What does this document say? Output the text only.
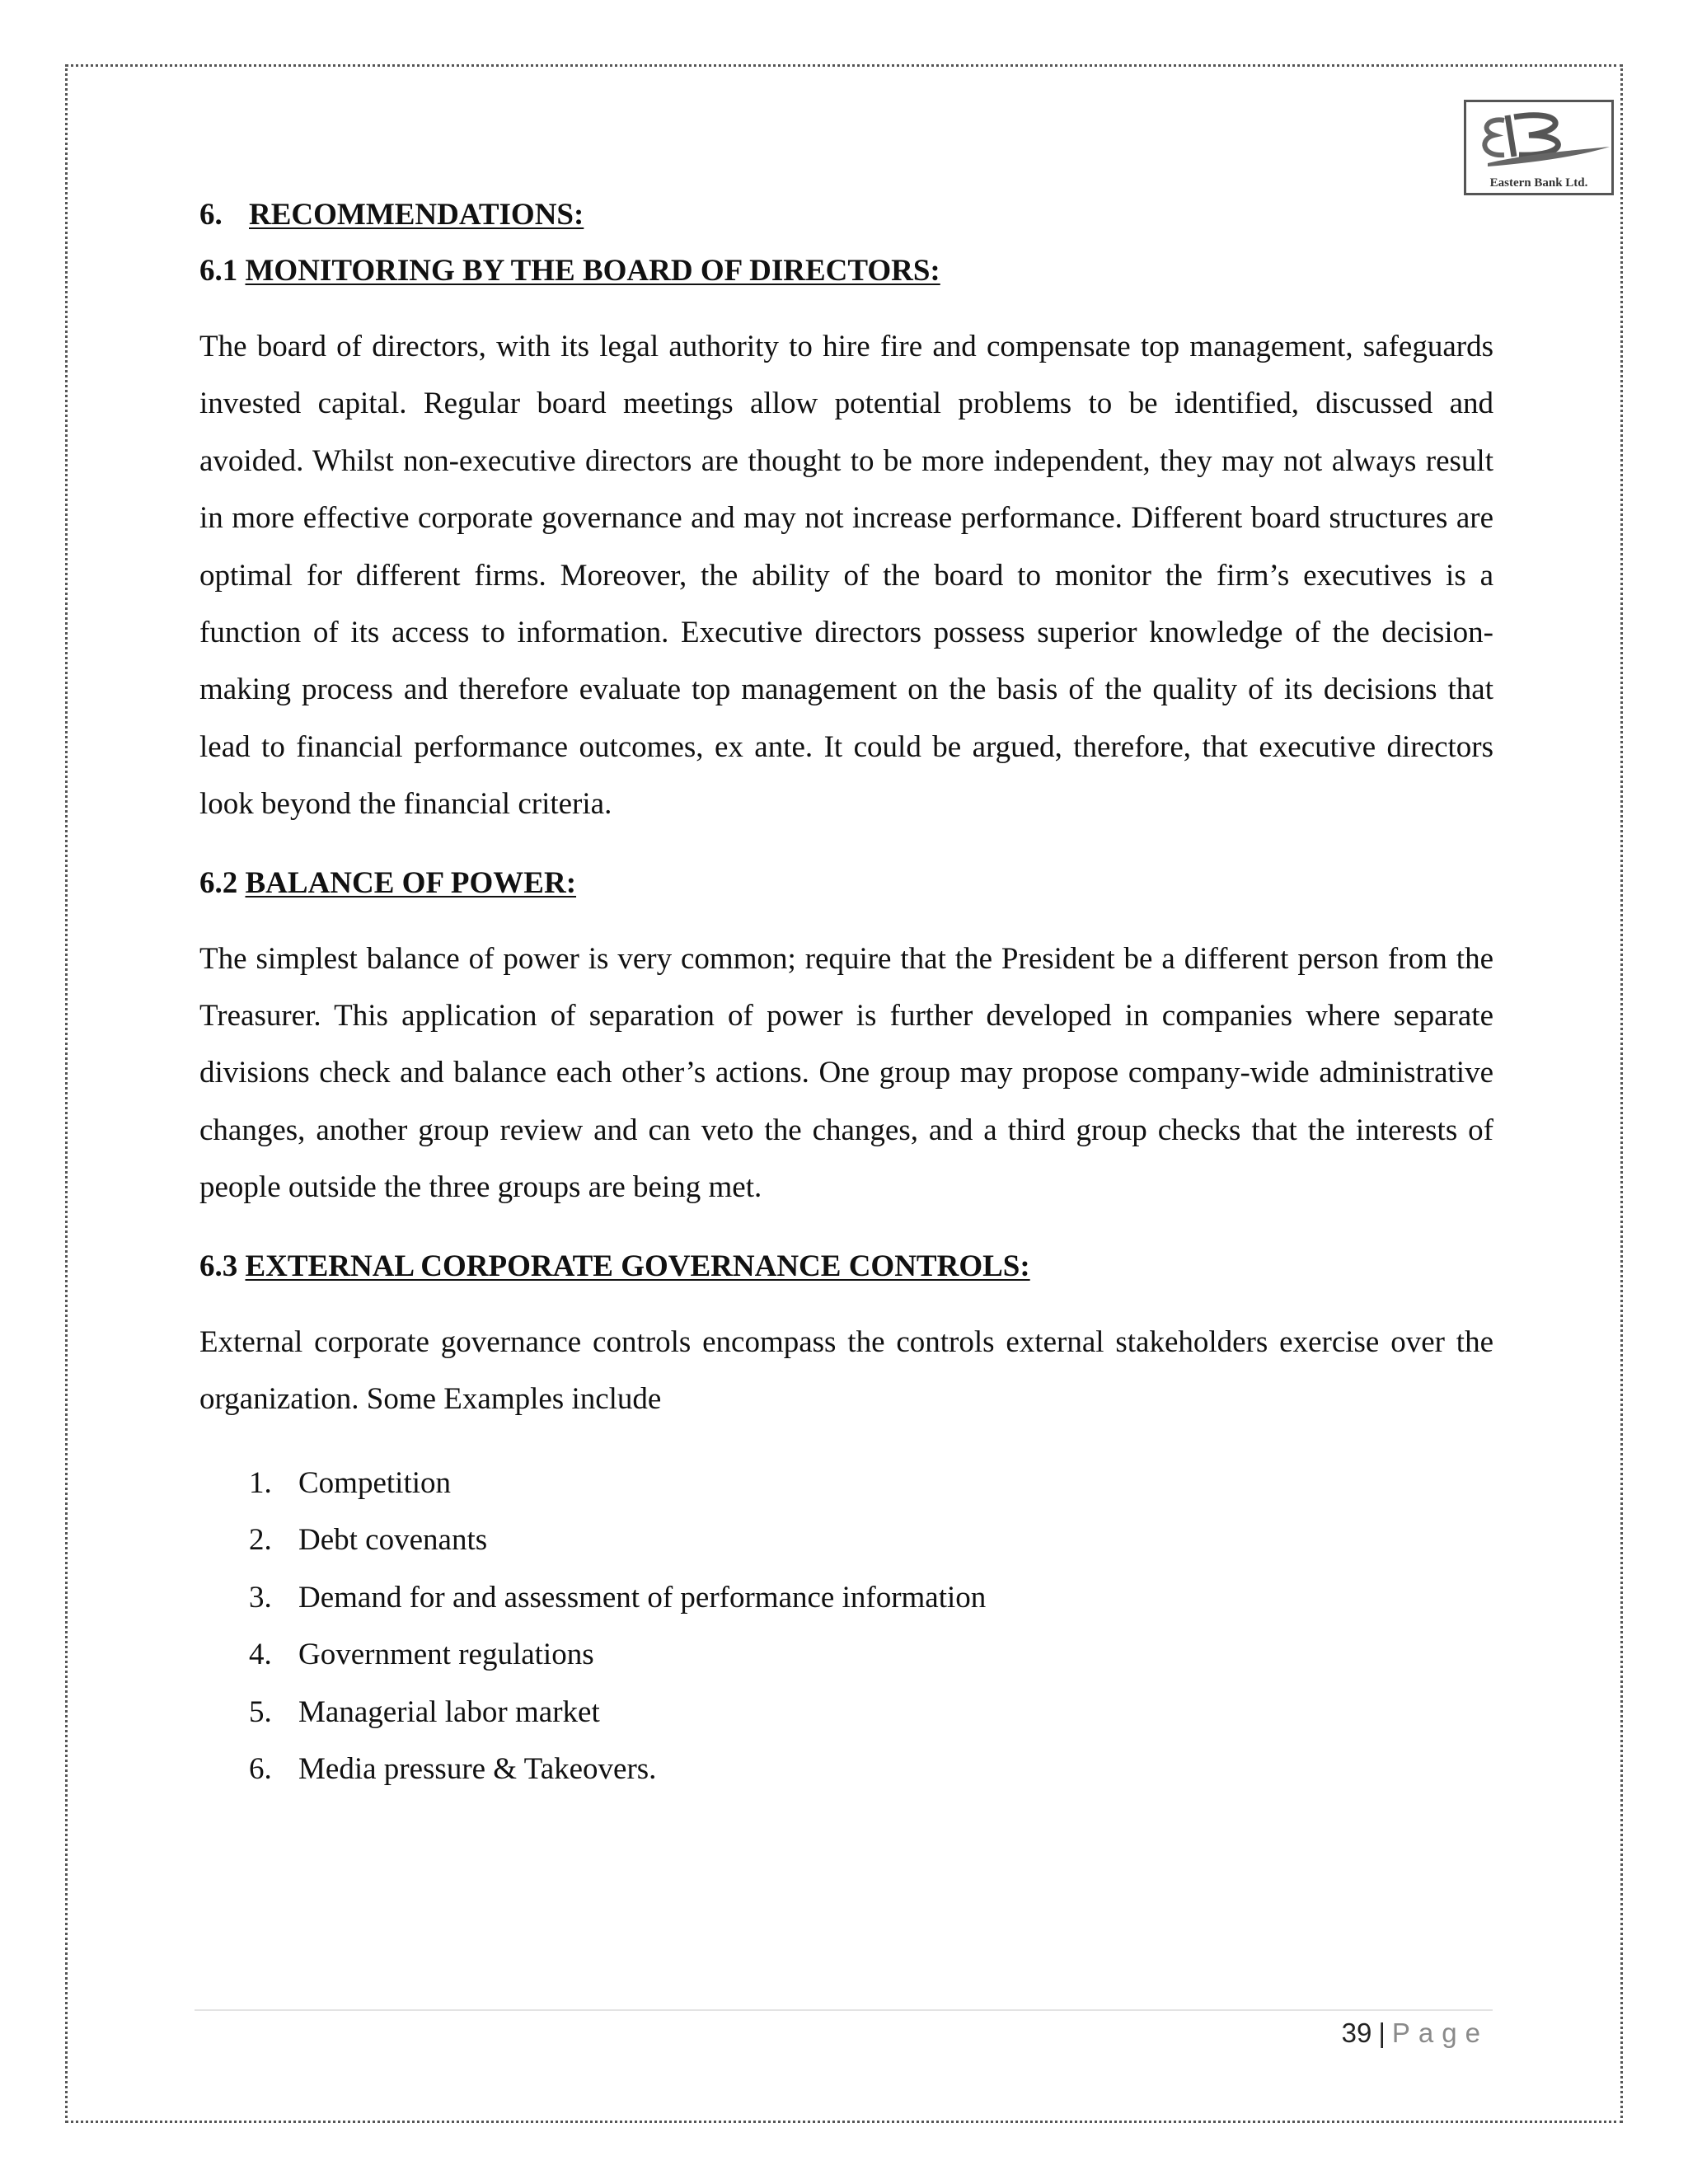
Eastern Bank Ltd.

6. RECOMMENDATIONS:

6.1 MONITORING BY THE BOARD OF DIRECTORS:

The board of directors, with its legal authority to hire fire and compensate top management, safeguards invested capital. Regular board meetings allow potential problems to be identified, discussed and avoided. Whilst non-executive directors are thought to be more independent, they may not always result in more effective corporate governance and may not increase performance. Different board structures are optimal for different firms. Moreover, the ability of the board to monitor the firm’s executives is a function of its access to information. Executive directors possess superior knowledge of the decision-making process and therefore evaluate top management on the basis of the quality of its decisions that lead to financial performance outcomes, ex ante. It could be argued, therefore, that executive directors look beyond the financial criteria.

6.2 BALANCE OF POWER:

The simplest balance of power is very common; require that the President be a different person from the Treasurer. This application of separation of power is further developed in companies where separate divisions check and balance each other’s actions. One group may propose company-wide administrative changes, another group review and can veto the changes, and a third group checks that the interests of people outside the three groups are being met.

6.3 EXTERNAL CORPORATE GOVERNANCE CONTROLS:

External corporate governance controls encompass the controls external stakeholders exercise over the organization. Some Examples include

1. Competition
2. Debt covenants
3. Demand for and assessment of performance information
4. Government regulations
5. Managerial labor market
6. Media pressure & Takeovers.
39 | Page
